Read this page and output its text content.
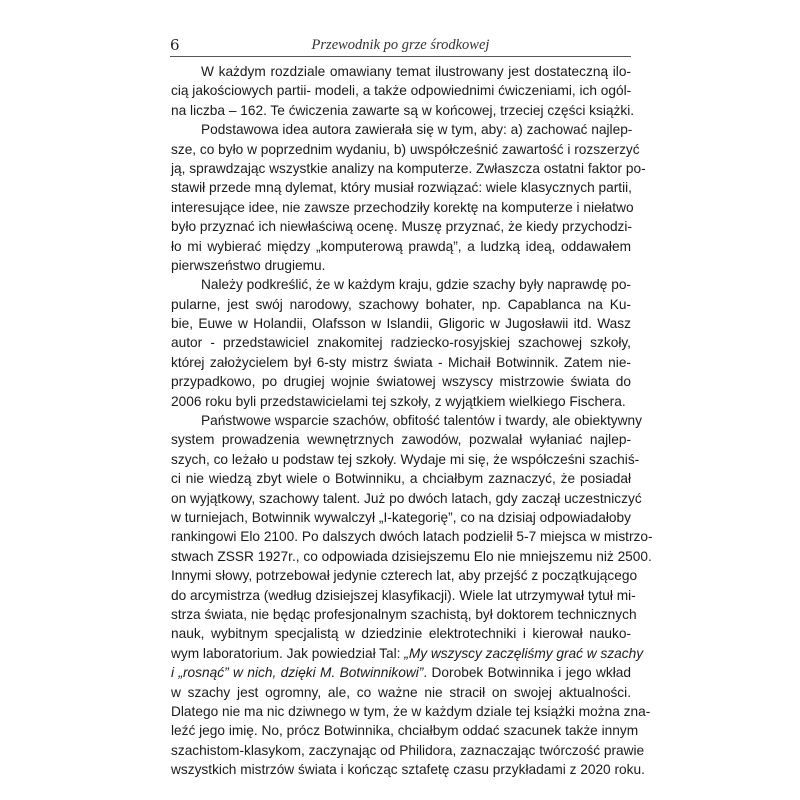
6	Przewodnik po grze środkowej
W każdym rozdziale omawiany temat ilustrowany jest dostateczną ilo-
cią jakościowych partii- modeli, a także odpowiednimi ćwiczeniami, ich ogól-
na liczba – 162. Te ćwiczenia zawarte są w końcowej, trzeciej części książki.
Podstawowa idea autora zawierała się w tym, aby: a) zachować najlep-
sze, co było w poprzednim wydaniu, b) uwspółcześnić zawartość i rozszerzyć
ją, sprawdzając wszystkie analizy na komputerze. Zwłaszcza ostatni faktor po-
stawił przede mną dylemat, który musiał rozwiązać: wiele klasycznych partii,
interesujące idee, nie zawsze przechodziły korektę na komputerze i niełatwo
było przyznać ich niewłaściwą ocenę. Muszę przyznać, że kiedy przychodzi-
ło mi wybierać między „komputerową prawdą”, a ludzką ideą, oddawałem
pierwszeństwo drugiemu.
Należy podkreślić, że w każdym kraju, gdzie szachy były naprawdę po-
pularne, jest swój narodowy, szachowy bohater, np. Capablanca na Ku-
bie, Euwe w Holandii, Olafsson w Islandii, Gligoric w Jugosławii itd. Wasz
autor - przedstawiciel znakomitej radziecko-rosyjskiej szachowej szkoły,
której założycielem był 6-sty mistrz świata - Michaił Botwinnik. Zatem nie-
przypadkowo, po drugiej wojnie światowej wszyscy mistrzowie świata do
2006 roku byli przedstawicielami tej szkoły, z wyjątkiem wielkiego Fischera.
Państwowe wsparcie szachów, obfitość talentów i twardy, ale obiektywny
system prowadzenia wewnętrznych zawodów, pozwalał wyłaniać najlep-
szych, co leżało u podstaw tej szkoły. Wydaje mi się, że współcześni szachiś-
ci nie wiedzą zbyt wiele o Botwinniku, a chciałbym zaznaczyć, że posiadał
on wyjątkowy, szachowy talent. Już po dwóch latach, gdy zaczął uczestniczyć
w turniejach, Botwinnik wywalczył „I-kategorię”, co na dzisiaj odpowiadałoby
rankingowi Elo 2100. Po dalszych dwóch latach podzielił 5-7 miejsca w mistrzo-
stwach ZSSR 1927r., co odpowiada dzisiejszemu Elo nie mniejszemu niż 2500.
Innymi słowy, potrzebował jedynie czterech lat, aby przejść z początkującego
do arcymistrza (według dzisiejszej klasyfikacji). Wiele lat utrzymywał tytuł mi-
strza świata, nie będąc profesjonalnym szachistą, był doktorem technicznych
nauk, wybitnym specjalistą w dziedzinie elektrotechniki i kierował nauko-
wym laboratorium. Jak powiedział Tal: „My wszyscy zaczęliśmy grać w szachy
i „rosnąć” w nich, dzięki M. Botwinnikowi”. Dorobek Botwinnika i jego wkład
w szachy jest ogromny, ale, co ważne nie stracił on swojej aktualności.
Dlatego nie ma nic dziwnego w tym, że w każdym dziale tej książki można zna-
leźć jego imię. No, prócz Botwinnika, chciałbym oddać szacunek także innym
szachistom-klasykom, zaczynając od Philidora, zaznaczając twórczość prawie
wszystkich mistrzów świata i kończąc sztafetę czasu przykładami z 2020 roku.
